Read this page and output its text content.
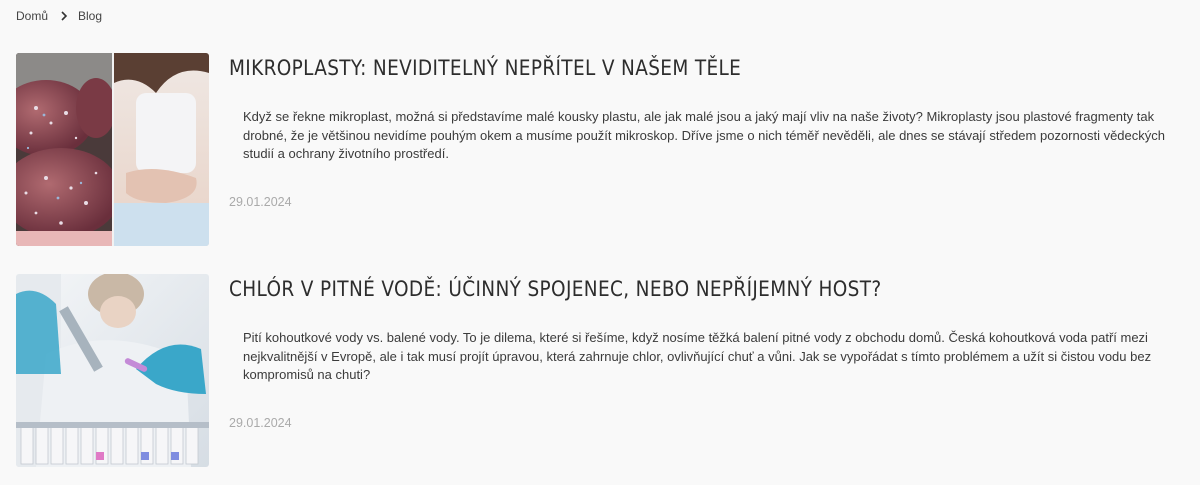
Domů	Blog
MIKROPLASTY: NEVIDITELNÝ NEPŘÍTEL V NAŠEM TĚLE

Když se řekne mikroplast, možná si představíme malé kousky plastu, ale jak malé jsou a jaký mají vliv na naše životy? Mikroplasty jsou plastové fragmenty tak drobné, že je většinou nevidíme pouhým okem a musíme použít mikroskop. Dříve jsme o nich téměř nevěděli, ale dnes se stávají středem pozornosti vědeckých studií a ochrany životního prostředí.

29.01.2024
CHLÓR V PITNÉ VODĚ: ÚČINNÝ SPOJENEC, NEBO NEPŘÍJEMNÝ HOST?

Pití kohoutkové vody vs. balené vody. To je dilema, které si řešíme, když nosíme těžká balení pitné vody z obchodu domů. Česká kohoutková voda patří mezi nejkvalitnější v Evropě, ale i tak musí projít úpravou, která zahrnuje chlor, ovlivňující chuť a vůni. Jak se vypořádat s tímto problémem a užít si čistou vodu bez kompromisů na chuti?

29.01.2024
